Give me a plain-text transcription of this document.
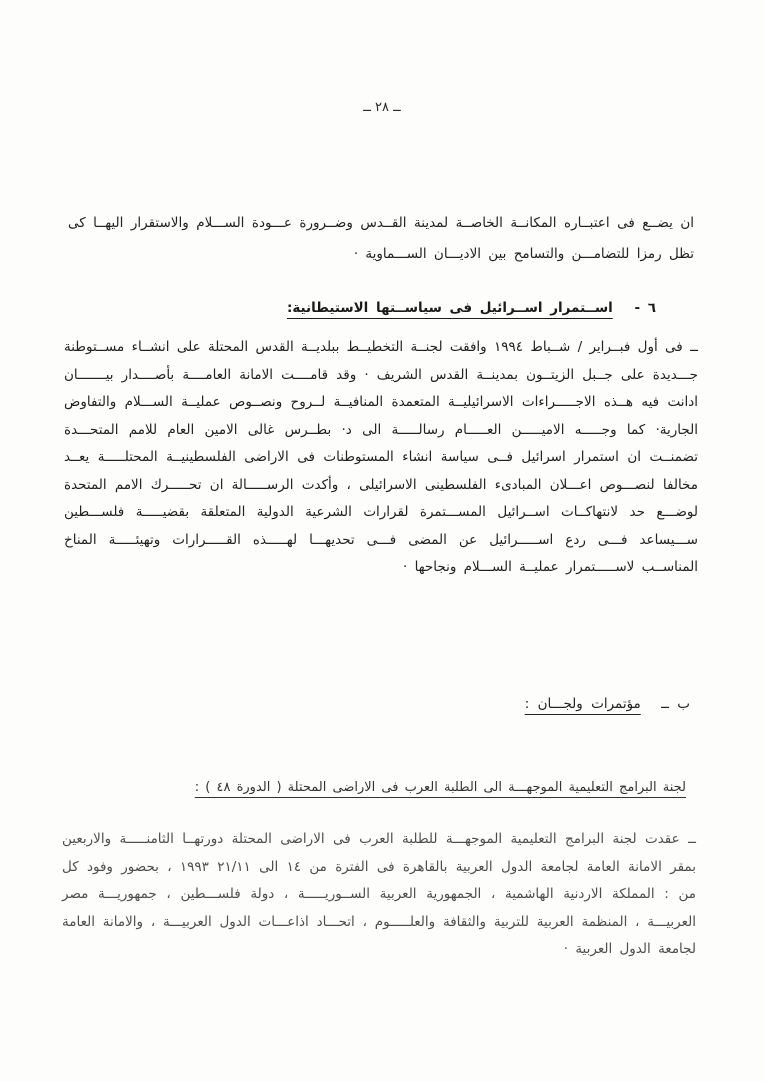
ــ ٢٨ ــ

ان يضــع فى اعتبــاره المكانــة الخاصــة لمدينة القــدس وضــرورة عـــودة الســـلام والاستقرار اليهــا كى تظل رمزا للتضامـــن والتسامح بين الاديـــان الســـماوية ·

٦ - اســتمرار اســرائيل فى سياســتها الاستيطانية:

ــ فى أول فبــراير / شــباط ١٩٩٤ وافقت لجنــة التخطيــط ببلديــة القدس المحتلة على انشــاء مســتوطنة جـــديدة على جــبل الزيتــون بمدينــة القدس الشريف · وقد قامــــت الامانة العامــــة بأصــــدار بيـــــــان ادانت فيه هــذه الاجـــــراءات الاسرائيليــة المتعمدة المنافيــة لــروح ونصــوص عمليــة الســـلام والتفاوض الجارية· كما وجـــــه الاميـــــن العـــــام رسالـــــة الى د· بطــرس غالى الامين العام للامم المتحـــدة تضمنــت ان استمرار اسرائيل فــى سياسة انشاء المستوطنات فى الاراضى الفلسطينيــة المحتلـــــة يعــد مخالفا لنصـــوص اعـــلان المبادىء الفلسطينى الاسرائيلى ، وأكدت الرســـــالة ان تحـــــرك الامم المتحدة لوضـــع حد لانتهاكــات اســرائيل المســـتمرة لقرارات الشرعية الدولية المتعلقة بقضيـــــة فلســـطين ســـيساعد فـــى ردع اســـــرائيل عن المضى فـــى تحديهـــا لهـــــذه القـــــرارات وتهيئـــــة المناخ المناســب لاســـــتمرار عمليــة الســـلام ونجاحها ·

ب ــ مؤتمرات ولجـــان :
لجنة البرامج التعليمية الموجهـــة الى الطلبة العرب فى الاراضى المحتلة ( الدورة ٤٨ ) :

ــ عقدت لجنة البرامج التعليمية الموجهـــة للطلبة العرب فى الاراضى المحتلة دورتهــا الثامنـــــة والاربعين بمقر الامانة العامة لجامعة الدول العربية بالقاهرة فى الفترة من ١٤ الى ٢١/١١ ١٩٩٣ ، بحضور وفود كل من : المملكة الاردنية الهاشمية ، الجمهورية العربية الســوريـــــة ، دولة فلســـطين ، جمهوريـــة مصر العربيـــة ، المنظمة العربية للتربية والثقافة والعلـــــوم ، اتحـــاد اذاعـــات الدول العربيـــة ، والامانة العامة لجامعة الدول العربية ·
